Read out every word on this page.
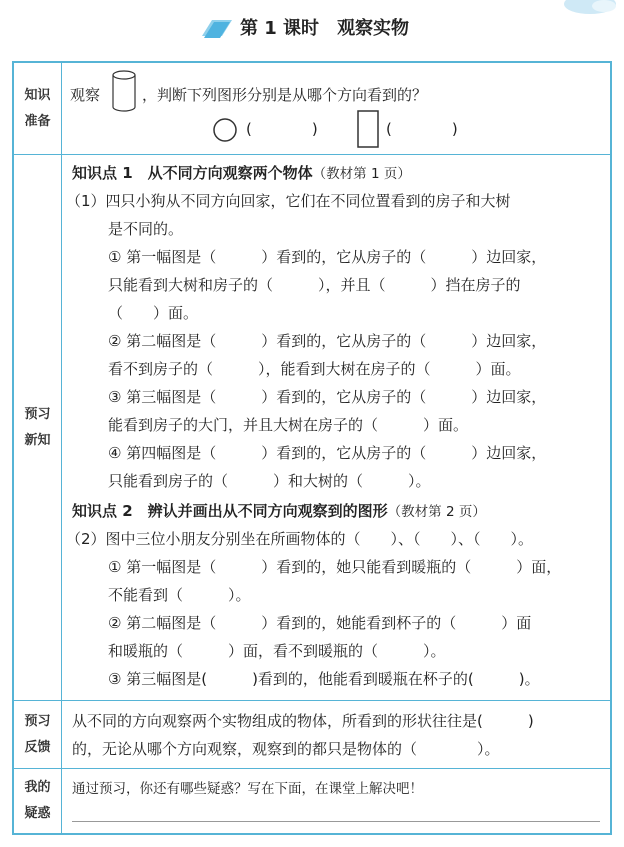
第 1 课时 观察实物
知识
准备
观察	，判断下列图形分别是从哪个方向看到的？
(　　　　)	(　　　　)
预习
新知
知识点 1　从不同方向观察两个物体（教材第 1 页）
（1）四只小狗从不同方向回家，它们在不同位置看到的房子和大树
是不同的。
① 第一幅图是（　　　）看到的，它从房子的（　　　）边回家，
只能看到大树和房子的（　　　），并且（　　　）挡在房子的
（　　）面。
② 第二幅图是（　　　）看到的，它从房子的（　　　）边回家，
看不到房子的（　　　），能看到大树在房子的（　　　）面。
③ 第三幅图是（　　　）看到的，它从房子的（　　　）边回家，
能看到房子的大门，并且大树在房子的（　　　）面。
④ 第四幅图是（　　　）看到的，它从房子的（　　　）边回家，
只能看到房子的（　　　）和大树的（　　　）。
知识点 2　辨认并画出从不同方向观察到的图形（教材第 2 页）
（2）图中三位小朋友分别坐在所画物体的（　　）、（　　）、（　　）。
① 第一幅图是（　　　）看到的，她只能看到暖瓶的（　　　）面，
不能看到（　　　）。
② 第二幅图是（　　　）看到的，她能看到杯子的（　　　）面
和暖瓶的（　　　）面，看不到暖瓶的（　　　）。
③ 第三幅图是(　　　)看到的，他能看到暖瓶在杯子的(　　　)。
预习
反馈
从不同的方向观察两个实物组成的物体，所看到的形状往往是(　　　)
的，无论从哪个方向观察，观察到的都只是物体的（　　　　）。
我的
疑惑
通过预习，你还有哪些疑惑？写在下面，在课堂上解决吧！
